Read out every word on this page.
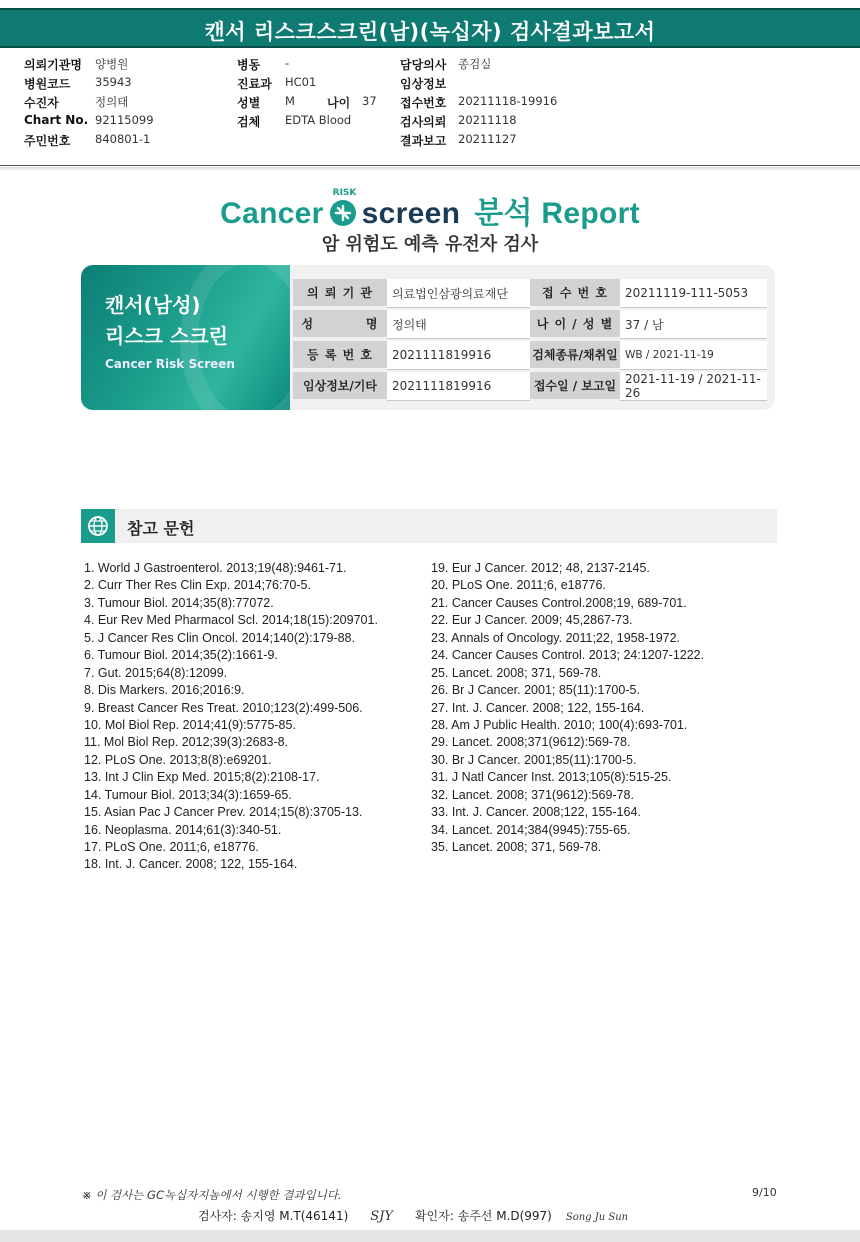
캔서 리스크스크린(남)(녹십자) 검사결과보고서
의뢰기관명 양병원
병원코드 35943
수진자	정의태
Chart No. 92115099
주민번호 840801-1
병동 -
진료과 HC01
성별 M	나이 37
검체 EDTA Blood
담당의사 종검실
임상정보
접수번호 20211118-19916
검사의뢰 20211118
결과보고 20211127
Cancer
RISK
screen 분석 Report
암 위험도 예측 유전자 검사
캔서(남성)
리스크 스크린
Cancer Risk Screen
의 뢰 기 관	의료법인삼광의료재단	접 수 번 호	20211119-111-5053
성          명	정의태	나 이 / 성 별	37 / 남
등 록 번 호	2021111819916	검체종류/채취일	WB / 2021-11-19
임상정보/기타	2021111819916	접수일 / 보고일	2021-11-19 / 2021-11-26
참고 문헌
1. World J Gastroenterol. 2013;19(48):9461-71.
2. Curr Ther Res Clin Exp. 2014;76:70-5.
3. Tumour Biol. 2014;35(8):77072.
4. Eur Rev Med Pharmacol Scl. 2014;18(15):209701.
5. J Cancer Res Clin Oncol. 2014;140(2):179-88.
6. Tumour Biol. 2014;35(2):1661-9.
7. Gut. 2015;64(8):12099.
8. Dis Markers. 2016;2016:9.
9. Breast Cancer Res Treat. 2010;123(2):499-506.
10. Mol Biol Rep. 2014;41(9):5775-85.
11. Mol Biol Rep. 2012;39(3):2683-8.
12. PLoS One. 2013;8(8):e69201.
13. Int J Clin Exp Med. 2015;8(2):2108-17.
14. Tumour Biol. 2013;34(3):1659-65.
15. Asian Pac J Cancer Prev. 2014;15(8):3705-13.
16. Neoplasma. 2014;61(3):340-51.
17. PLoS One. 2011;6, e18776.
18. Int. J. Cancer. 2008; 122, 155-164.
19. Eur J Cancer. 2012; 48, 2137-2145.
20. PLoS One. 2011;6, e18776.
21. Cancer Causes Control.2008;19, 689-701.
22. Eur J Cancer. 2009; 45,2867-73.
23. Annals of Oncology. 2011;22, 1958-1972.
24. Cancer Causes Control. 2013; 24:1207-1222.
25. Lancet. 2008; 371, 569-78.
26. Br J Cancer. 2001; 85(11):1700-5.
27. Int. J. Cancer. 2008; 122, 155-164.
28. Am J Public Health. 2010; 100(4):693-701.
29. Lancet. 2008;371(9612):569-78.
30. Br J Cancer. 2001;85(11):1700-5.
31. J Natl Cancer Inst. 2013;105(8):515-25.
32. Lancet. 2008; 371(9612):569-78.
33. Int. J. Cancer. 2008;122, 155-164.
34. Lancet. 2014;384(9945):755-65.
35. Lancet. 2008; 371, 569-78.
※ 이 검사는 GC녹십자지놈에서 시행한 결과입니다.	9/10
검사자: 송지영 M.T(46141) SJY 확인자: 송주선 M.D(997) Song Ju Sun
